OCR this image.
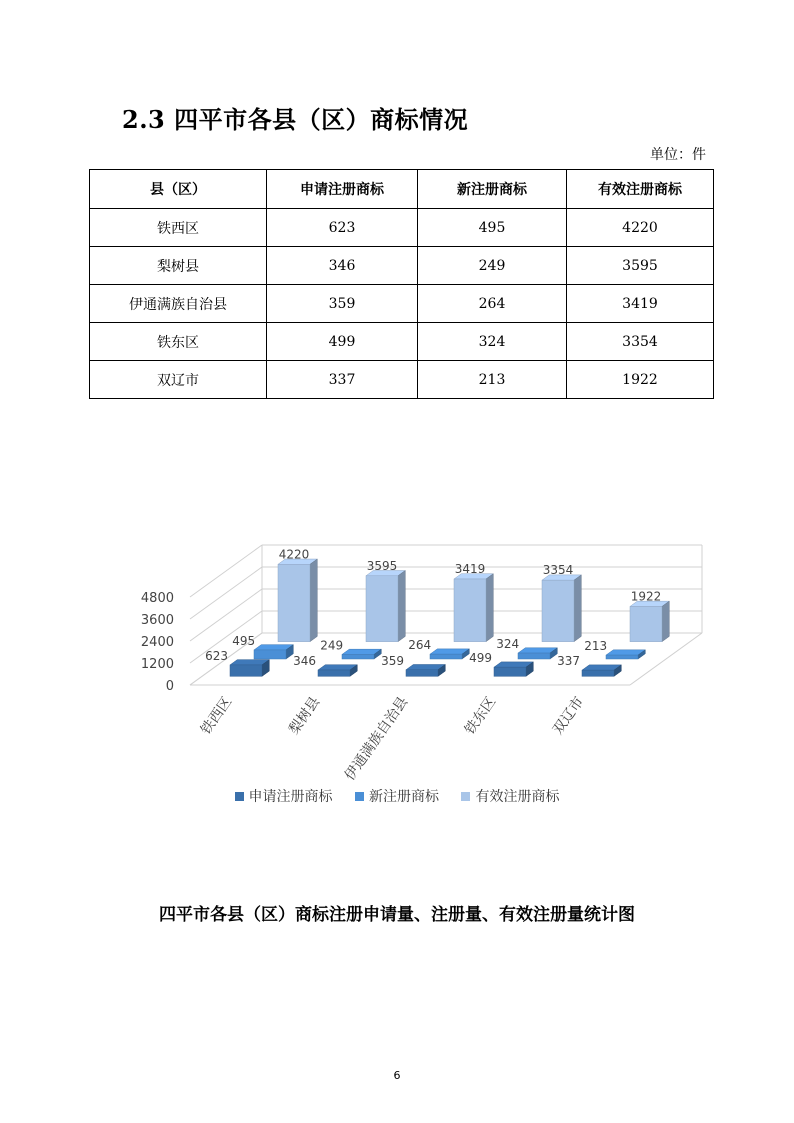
2.3 四平市各县（区）商标情况
单位：件
县（区）	申请注册商标	新注册商标	有效注册商标
铁西区	623	495	4220
梨树县	346	249	3595
伊通满族自治县	359	264	3419
铁东区	499	324	3354
双辽市	337	213	1922
0
1200
2400
3600
4800	1922
3354
3419
3595
4220
213
324
264
249
495
337
499
359
346
623
铁西区	梨树县 伊通满族自治县	铁东区	双辽市
申请注册商标
	新注册商标
	有效注册商标
四平市各县（区）商标注册申请量、注册量、有效注册量统计图
6
